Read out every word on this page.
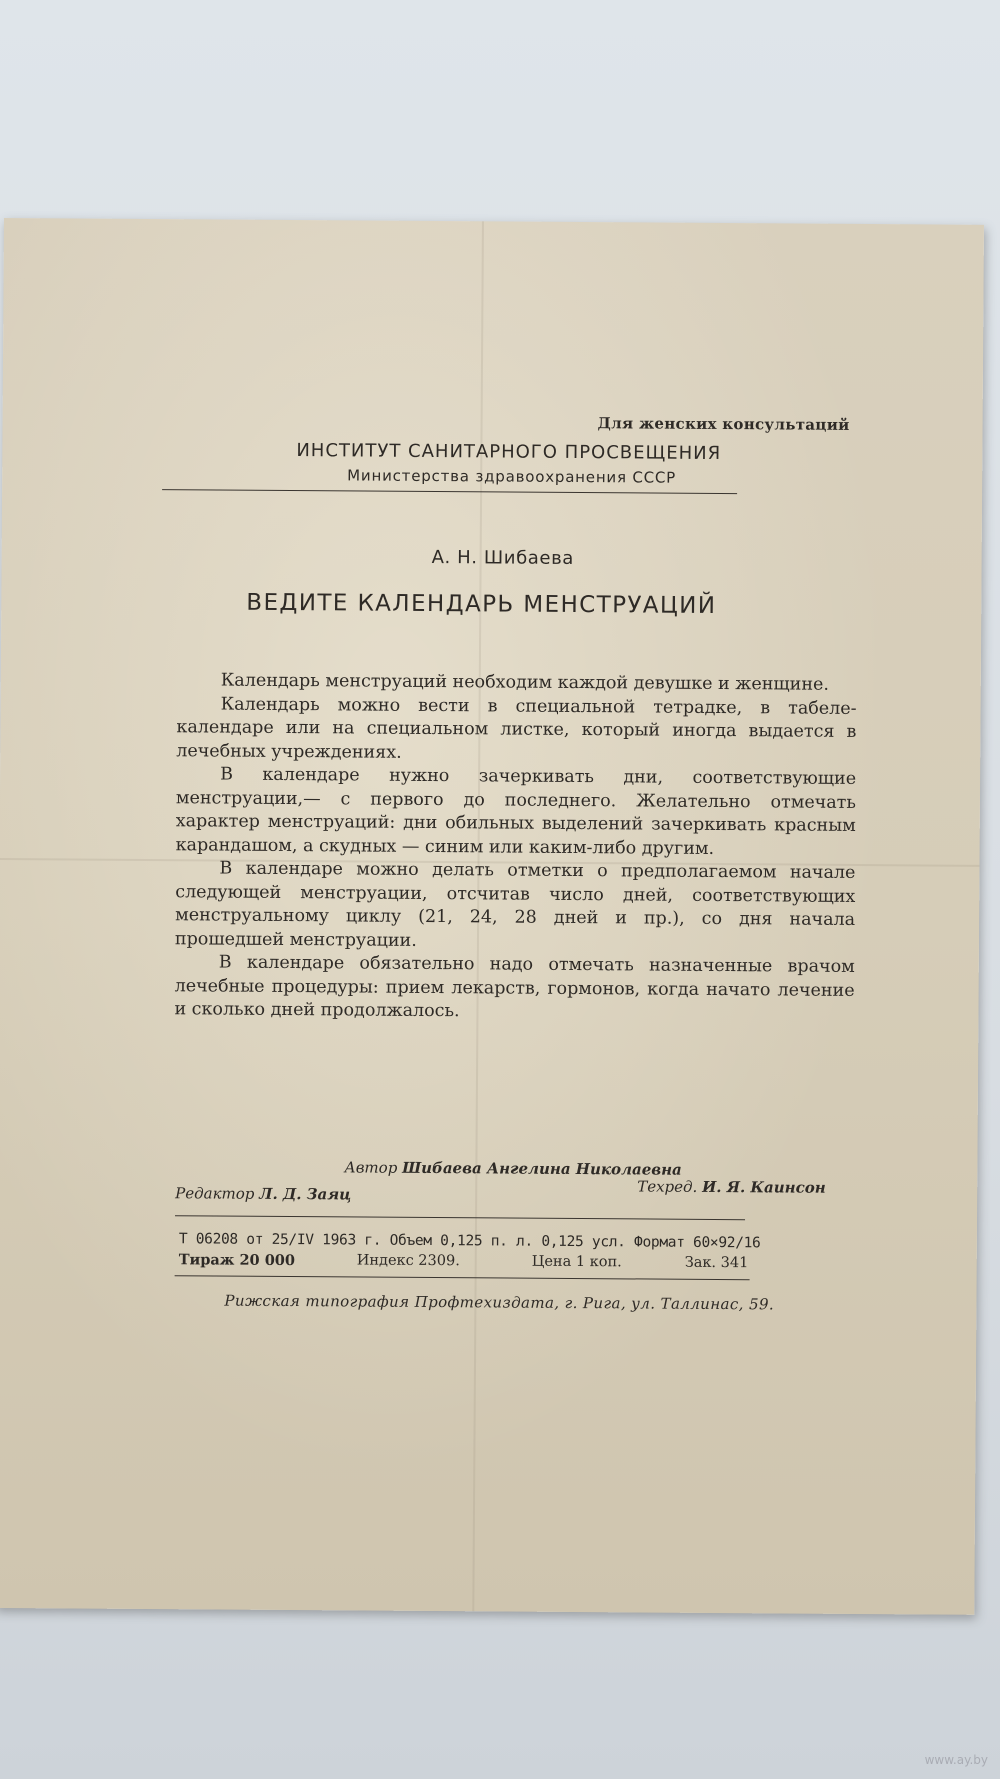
Для женских консультаций
ИНСТИТУТ САНИТАРНОГО ПРОСВЕЩЕНИЯ
Министерства здравоохранения СССР
А. Н. Шибаева
ВЕДИТЕ КАЛЕНДАРЬ МЕНСТРУАЦИЙ

Календарь менструаций необходим каждой девушке и женщине.

Календарь можно вести в специальной тетрадке, в табеле-календаре или на специальном листке, который иногда выдается в лечебных учреждениях.

В календаре нужно зачеркивать дни, соответствующие менструации,— с первого до последнего. Желательно отмечать характер менструаций: дни обильных выделений зачеркивать красным карандашом, а скудных — синим или каким-либо другим.

В календаре можно делать отметки о предполагаемом начале следующей менструации, отсчитав число дней, соответствующих менструальному циклу (21, 24, 28 дней и пр.), со дня начала прошедшей менструации.

В календаре обязательно надо отмечать назначенные врачом лечебные процедуры: прием лекарств, гормонов, когда начато лечение и сколько дней продолжалось.

Автор Шибаева Ангелина Николаевна
Редактор Л. Д. Заяц	Техред. И. Я. Каинсон
Т 06208 от 25/IV 1963 г. Объем 0,125 п. л. 0,125 усл. Формат 60×92/16
Тираж 20 000	Индекс 2309.	Цена 1 коп.	Зак. 341
Рижская типография Профтехиздата, г. Рига, ул. Таллинас, 59.
www.ay.by
